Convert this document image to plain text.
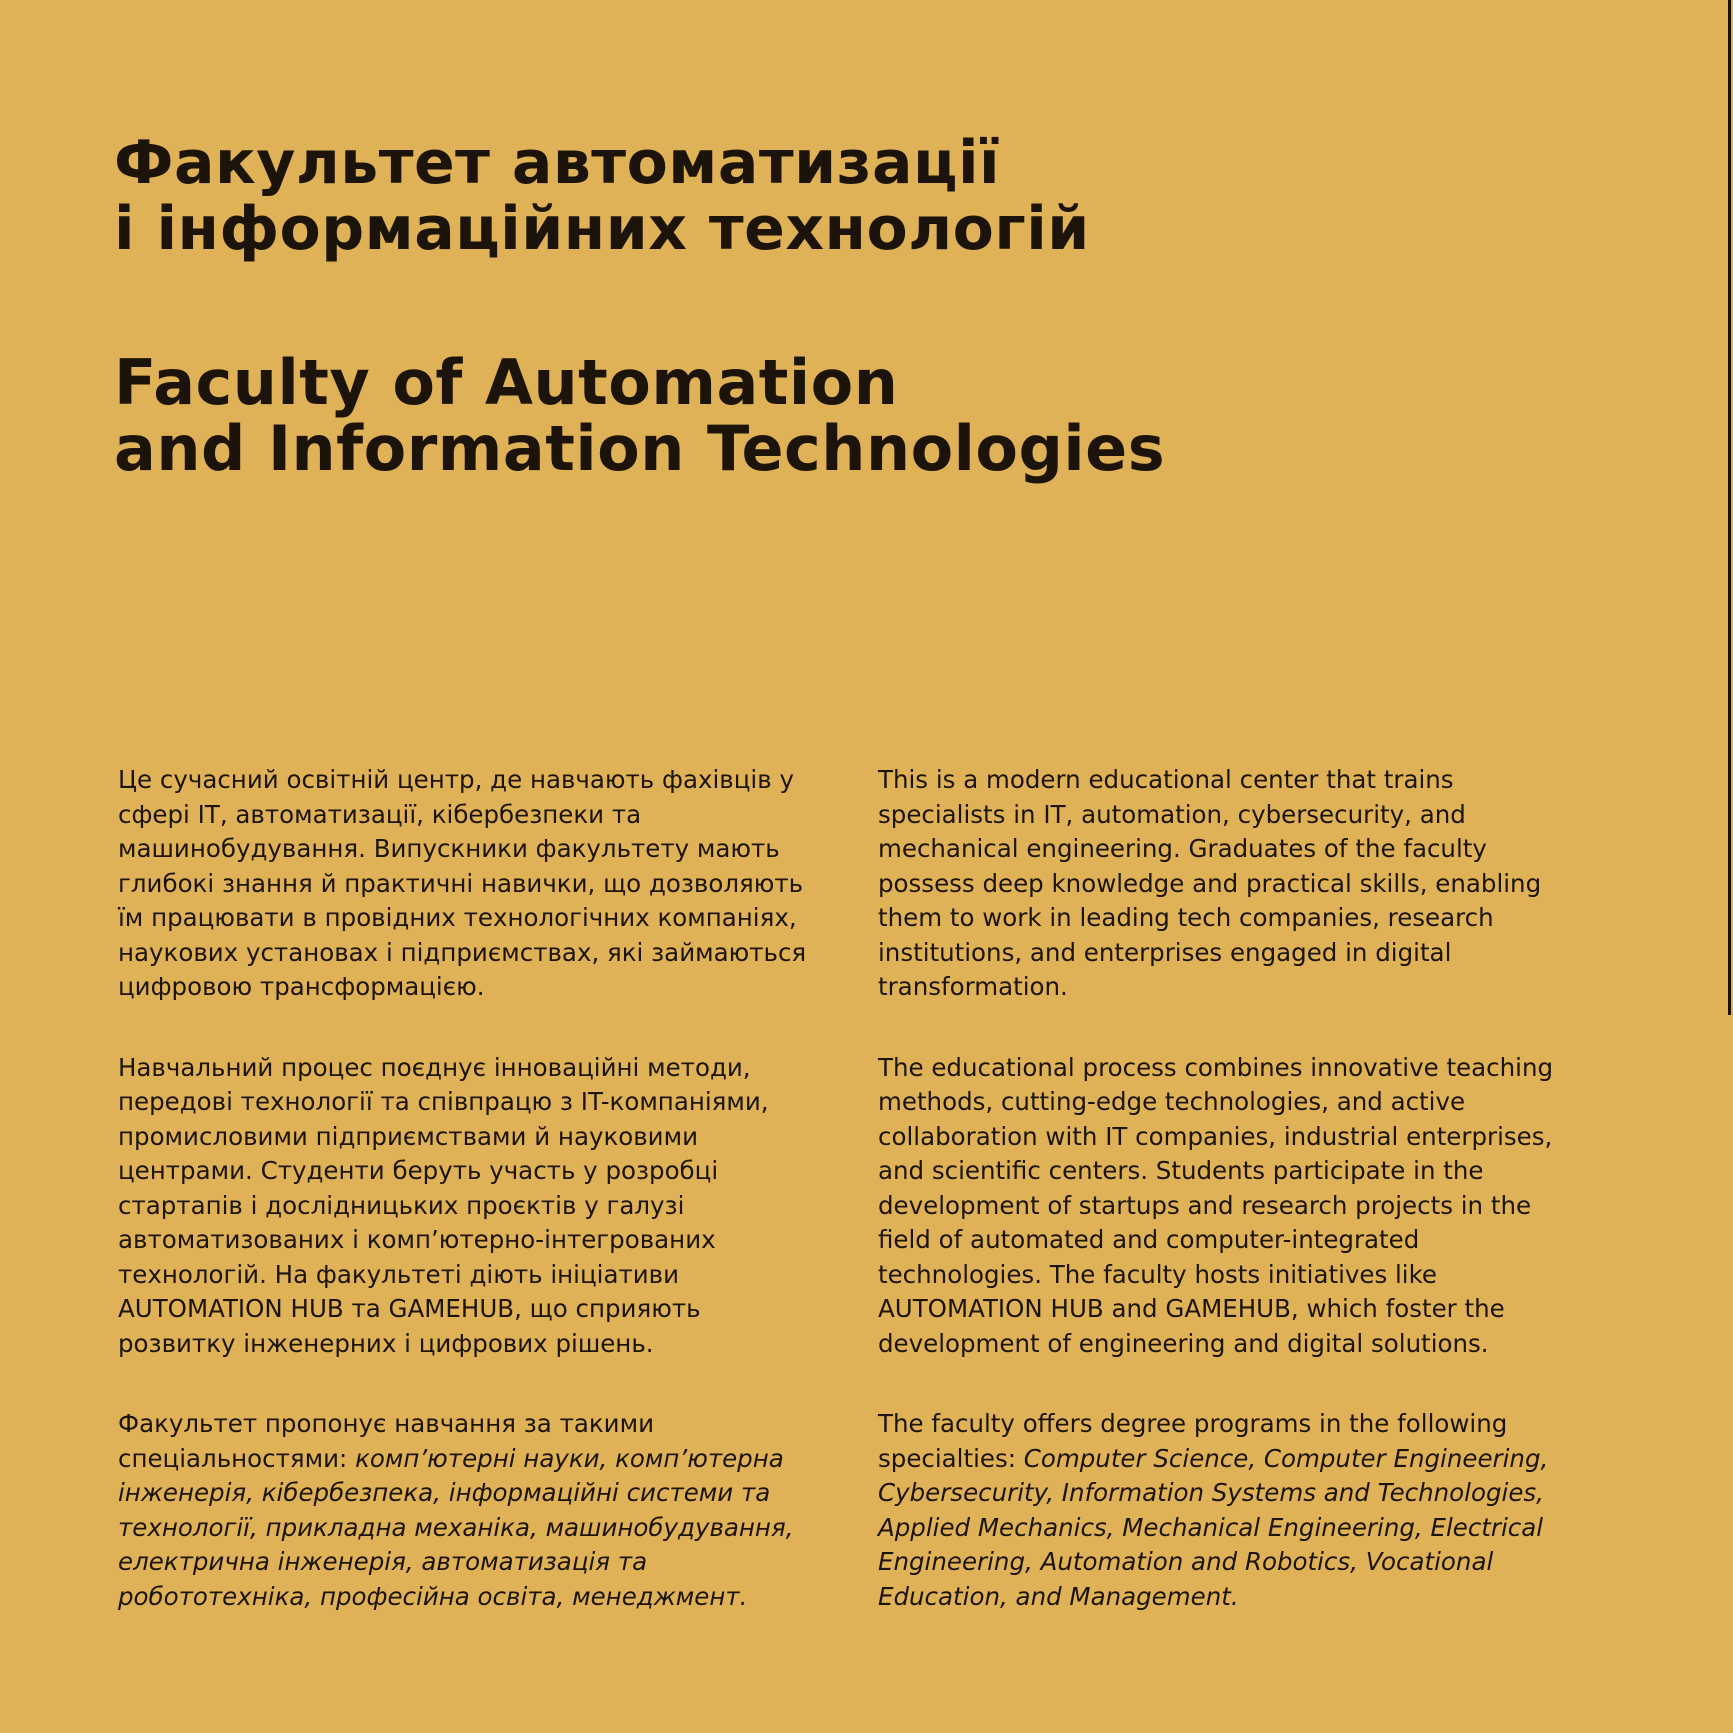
Факультет автоматизації
і інформаційних технологій
Faculty of Automation
and Information Technologies

Це сучасний освітній центр, де навчають фахівців у
сфері IT, автоматизації, кібербезпеки та
машинобудування. Випускники факультету мають
глибокі знання й практичні навички, що дозволяють
їм працювати в провідних технологічних компаніях,
наукових установах і підприємствах, які займаються
цифровою трансформацією.

Навчальний процес поєднує інноваційні методи,
передові технології та співпрацю з IT-компаніями,
промисловими підприємствами й науковими
центрами. Студенти беруть участь у розробці
стартапів і дослідницьких проєктів у галузі
автоматизованих і комп’ютерно-інтегрованих
технологій. На факультеті діють ініціативи
AUTOMATION HUB та GAMEHUB, що сприяють
розвитку інженерних і цифрових рішень.

Факультет пропонує навчання за такими
спеціальностями: комп’ютерні науки, комп’ютерна
інженерія, кібербезпека, інформаційні системи та
технології, прикладна механіка, машинобудування,
електрична інженерія, автоматизація та
робототехніка, професійна освіта, менеджмент.

This is a modern educational center that trains
specialists in IT, automation, cybersecurity, and
mechanical engineering. Graduates of the faculty
possess deep knowledge and practical skills, enabling
them to work in leading tech companies, research
institutions, and enterprises engaged in digital
transformation.

The educational process combines innovative teaching
methods, cutting-edge technologies, and active
collaboration with IT companies, industrial enterprises,
and scientific centers. Students participate in the
development of startups and research projects in the
field of automated and computer-integrated
technologies. The faculty hosts initiatives like
AUTOMATION HUB and GAMEHUB, which foster the
development of engineering and digital solutions.

The faculty offers degree programs in the following
specialties: Computer Science, Computer Engineering,
Cybersecurity, Information Systems and Technologies,
Applied Mechanics, Mechanical Engineering, Electrical
Engineering, Automation and Robotics, Vocational
Education, and Management.
